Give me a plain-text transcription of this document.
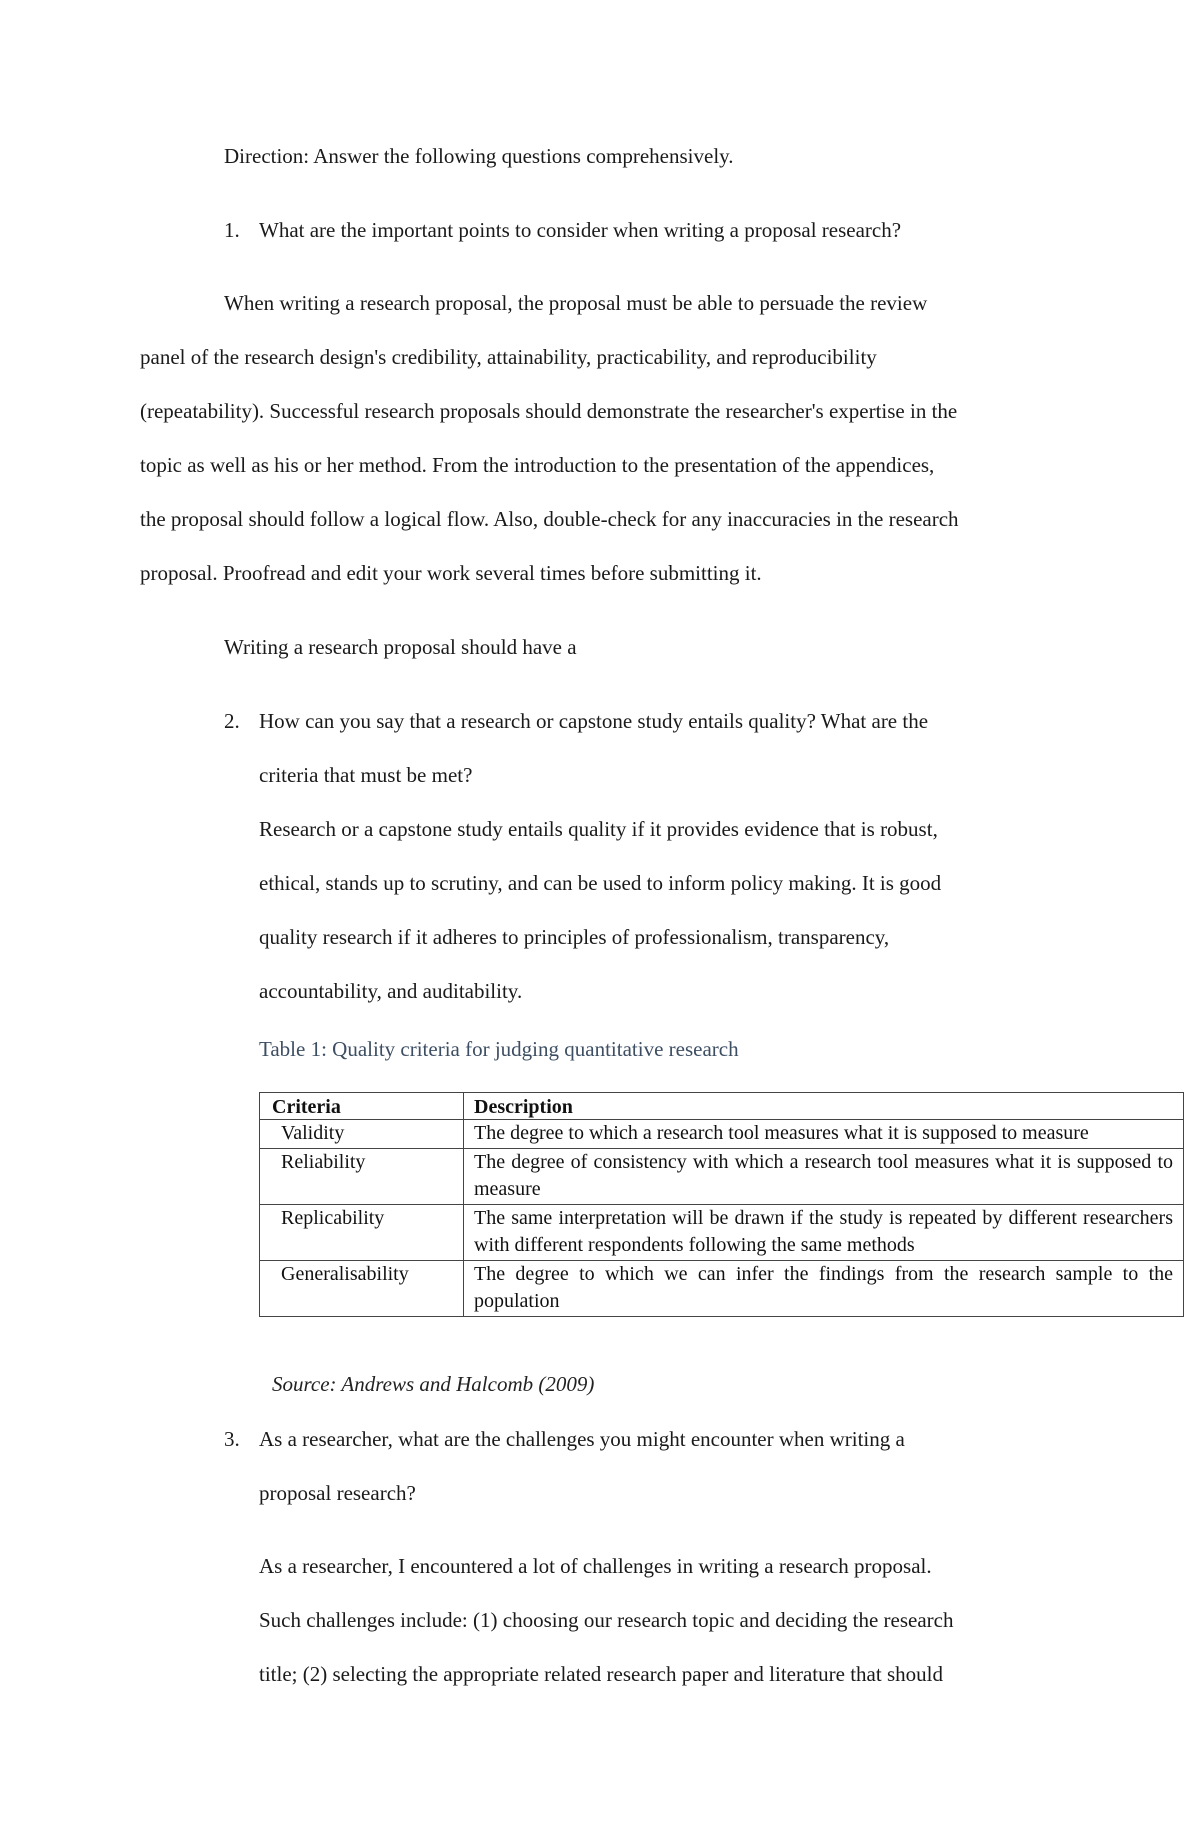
Direction: Answer the following questions comprehensively.
1. What are the important points to consider when writing a proposal research?
When writing a research proposal, the proposal must be able to persuade the review
panel of the research design's credibility, attainability, practicability, and reproducibility
(repeatability). Successful research proposals should demonstrate the researcher's expertise in the
topic as well as his or her method. From the introduction to the presentation of the appendices,
the proposal should follow a logical flow. Also, double-check for any inaccuracies in the research
proposal. Proofread and edit your work several times before submitting it.
Writing a research proposal should have a
2. How can you say that a research or capstone study entails quality? What are the
criteria that must be met?
Research or a capstone study entails quality if it provides evidence that is robust,
ethical, stands up to scrutiny, and can be used to inform policy making. It is good
quality research if it adheres to principles of professionalism, transparency,
accountability, and auditability.
Table 1: Quality criteria for judging quantitative research
Criteria	Description
Validity	The degree to which a research tool measures what it is supposed to measure
Reliability	The degree of consistency with which a research tool measures what it is supposed to measure
Replicability	The same interpretation will be drawn if the study is repeated by different researchers with different respondents following the same methods
Generalisability	The degree to which we can infer the findings from the research sample to the population
Source: Andrews and Halcomb (2009)
3. As a researcher, what are the challenges you might encounter when writing a
proposal research?
As a researcher, I encountered a lot of challenges in writing a research proposal.
Such challenges include: (1) choosing our research topic and deciding the research
title; (2) selecting the appropriate related research paper and literature that should
